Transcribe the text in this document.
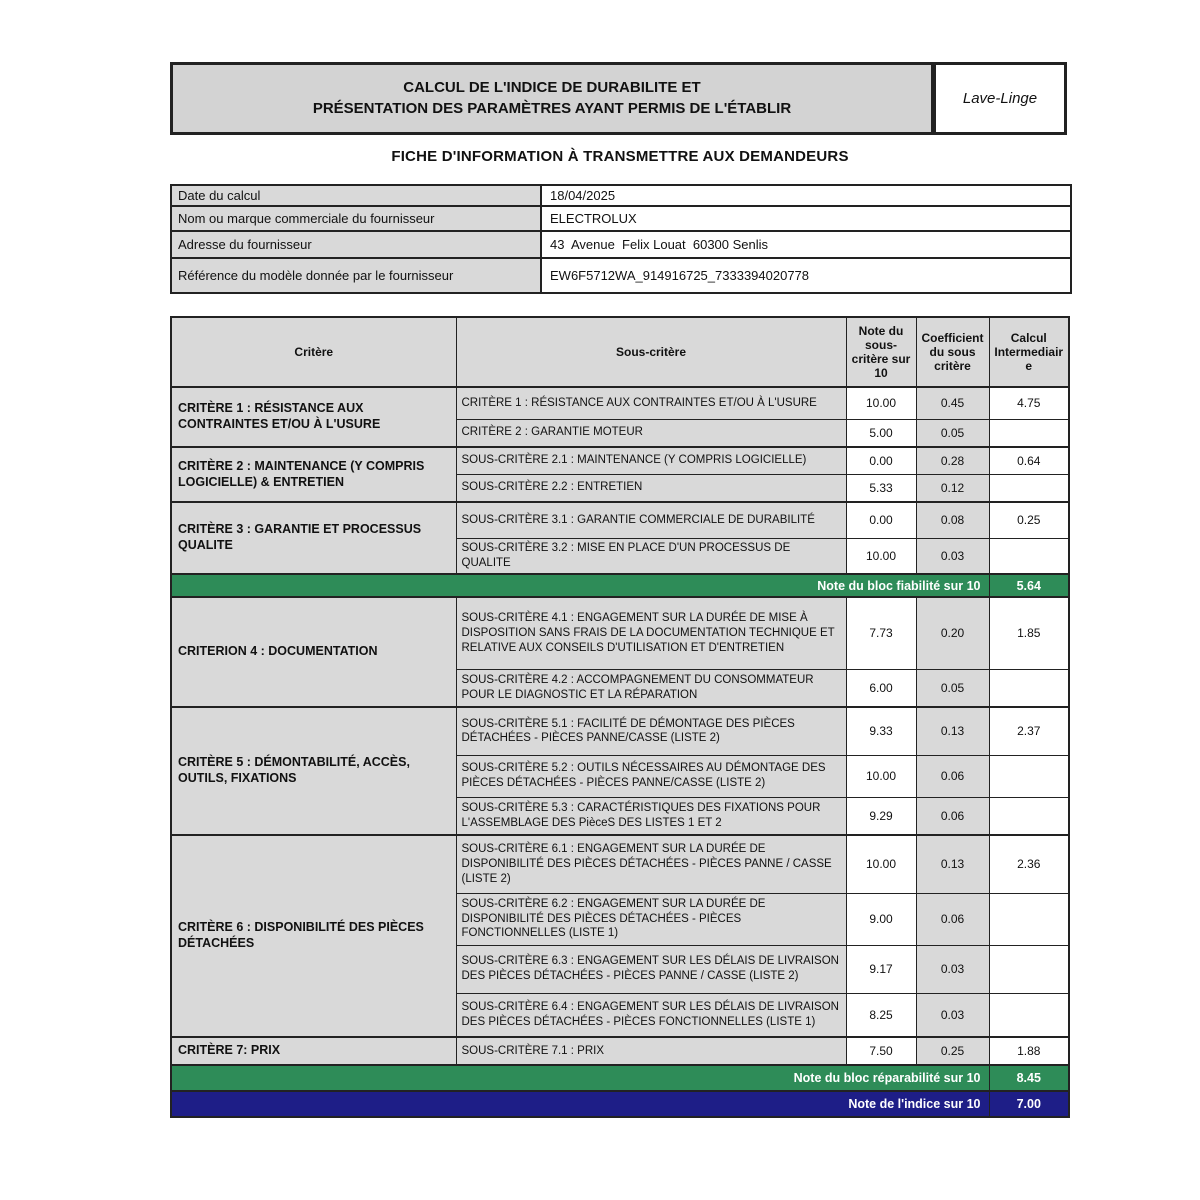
CALCUL DE L'INDICE DE DURABILITE ET
PRÉSENTATION DES PARAMÈTRES AYANT PERMIS DE L'ÉTABLIR
Lave-Linge
FICHE D'INFORMATION À TRANSMETTRE AUX DEMANDEURS
Date du calcul	18/04/2025
Nom ou marque commerciale du fournisseur	ELECTROLUX
Adresse du fournisseur	43  Avenue  Felix Louat  60300 Senlis
Référence du modèle donnée par le fournisseur	EW6F5712WA_914916725_7333394020778
Critère	Sous-critère	Note du sous-critère sur 10	Coefficient du sous critère	Calcul Intermediaire
CRITÈRE 1 : RÉSISTANCE AUX CONTRAINTES ET/OU À L'USURE	CRITÈRE 1 : RÉSISTANCE AUX CONTRAINTES ET/OU À L'USURE	10.00	0.45	4.75
	CRITÈRE 2 : GARANTIE MOTEUR	5.00	0.05	
CRITÈRE 2 : MAINTENANCE (Y COMPRIS LOGICIELLE) & ENTRETIEN	SOUS-CRITÈRE 2.1 : MAINTENANCE (Y COMPRIS LOGICIELLE)	0.00	0.28	0.64
	SOUS-CRITÈRE 2.2 : ENTRETIEN	5.33	0.12	
CRITÈRE 3 : GARANTIE ET PROCESSUS QUALITE	SOUS-CRITÈRE 3.1 : GARANTIE COMMERCIALE DE DURABILITÉ	0.00	0.08	0.25
	SOUS-CRITÈRE 3.2 : MISE EN PLACE D'UN PROCESSUS DE QUALITE	10.00	0.03	
Note du bloc fiabilité sur 10				5.64
CRITERION 4 : DOCUMENTATION	SOUS-CRITÈRE 4.1 : ENGAGEMENT SUR LA DURÉE DE MISE À DISPOSITION SANS FRAIS DE LA DOCUMENTATION TECHNIQUE ET RELATIVE AUX CONSEILS D'UTILISATION ET D'ENTRETIEN	7.73	0.20	1.85
	SOUS-CRITÈRE 4.2 : ACCOMPAGNEMENT DU CONSOMMATEUR POUR LE DIAGNOSTIC ET LA RÉPARATION	6.00	0.05	
CRITÈRE 5 : DÉMONTABILITÉ, ACCÈS, OUTILS, FIXATIONS	SOUS-CRITÈRE 5.1 : FACILITÉ DE DÉMONTAGE DES PIÈCES DÉTACHÉES - PIÈCES PANNE/CASSE (LISTE 2)	9.33	0.13	2.37
	SOUS-CRITÈRE 5.2 : OUTILS NÉCESSAIRES AU DÉMONTAGE DES PIÈCES DÉTACHÉES - PIÈCES PANNE/CASSE (LISTE 2)	10.00	0.06	
	SOUS-CRITÈRE 5.3 : CARACTÉRISTIQUES DES FIXATIONS POUR L'ASSEMBLAGE DES PièceS DES LISTES 1 ET 2	9.29	0.06	
CRITÈRE 6 : DISPONIBILITÉ DES PIÈCES DÉTACHÉES	SOUS-CRITÈRE 6.1 : ENGAGEMENT SUR LA DURÉE DE DISPONIBILITÉ DES PIÈCES DÉTACHÉES - PIÈCES PANNE / CASSE (LISTE 2)	10.00	0.13	2.36
	SOUS-CRITÈRE 6.2 : ENGAGEMENT SUR LA DURÉE DE DISPONIBILITÉ DES PIÈCES DÉTACHÉES - PIÈCES FONCTIONNELLES (LISTE 1)	9.00	0.06	
	SOUS-CRITÈRE 6.3 : ENGAGEMENT SUR LES DÉLAIS DE LIVRAISON DES PIÈCES DÉTACHÉES - PIÈCES PANNE / CASSE (LISTE 2)	9.17	0.03	
	SOUS-CRITÈRE 6.4 : ENGAGEMENT SUR LES DÉLAIS DE LIVRAISON DES PIÈCES DÉTACHÉES - PIÈCES FONCTIONNELLES (LISTE 1)	8.25	0.03	
CRITÈRE 7: PRIX	SOUS-CRITÈRE 7.1 : PRIX	7.50	0.25	1.88
Note du bloc réparabilité sur 10				8.45
Note de l'indice sur 10				7.00
